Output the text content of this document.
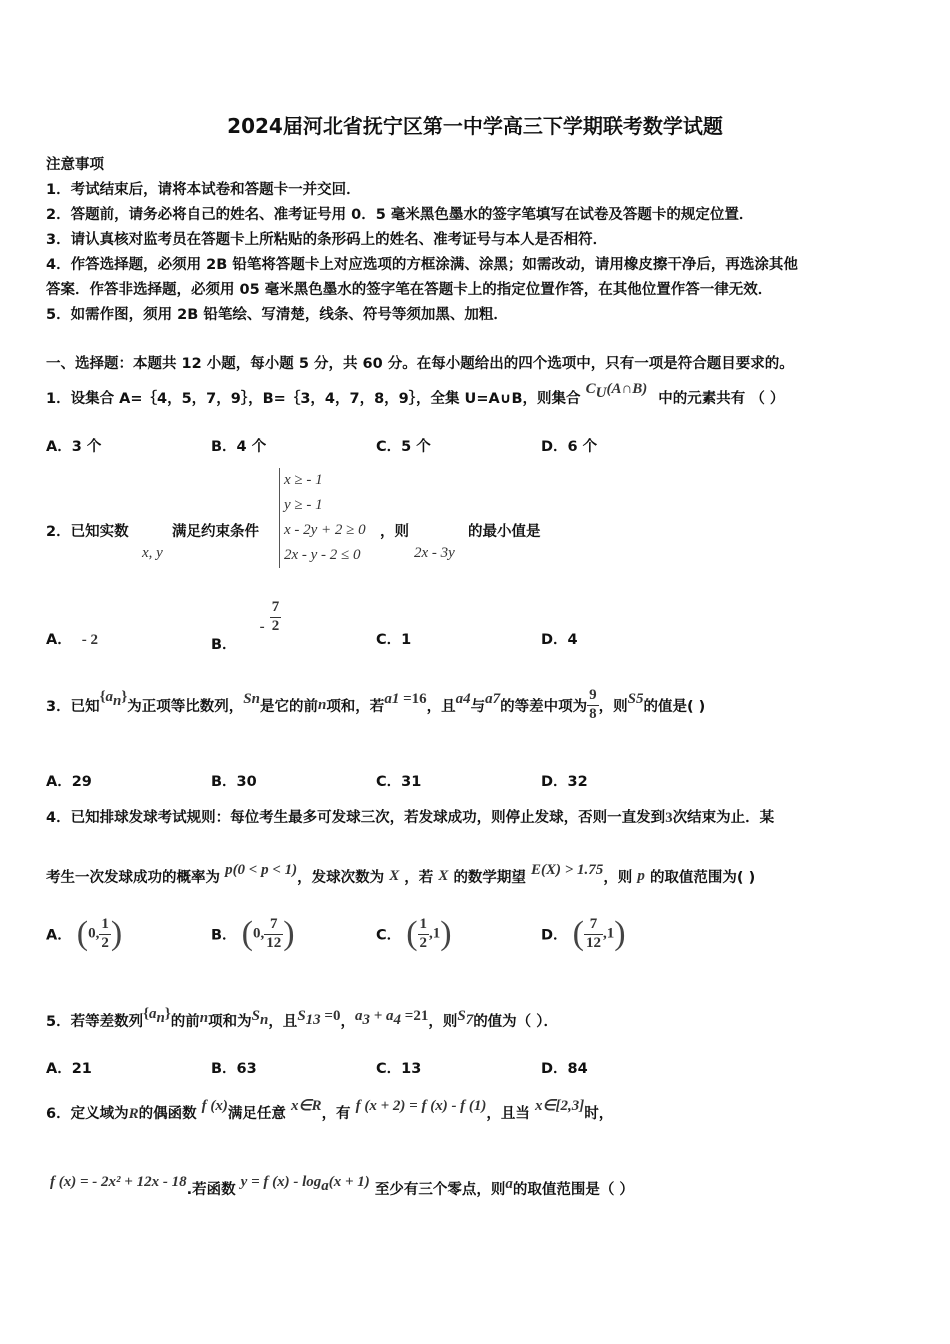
2024届河北省抚宁区第一中学高三下学期联考数学试题
注意事项
1．考试结束后，请将本试卷和答题卡一并交回．
2．答题前，请务必将自己的姓名、准考证号用 0．5 毫米黑色墨水的签字笔填写在试卷及答题卡的规定位置．
3．请认真核对监考员在答题卡上所粘贴的条形码上的姓名、准考证号与本人是否相符．
4．作答选择题，必须用 2B 铅笔将答题卡上对应选项的方框涂满、涂黑；如需改动，请用橡皮擦干净后，再选涂其他
答案．作答非选择题，必须用 05 毫米黑色墨水的签字笔在答题卡上的指定位置作答，在其他位置作答一律无效．
5．如需作图，须用 2B 铅笔绘、写清楚，线条、符号等须加黑、加粗．
一、选择题：本题共 12 小题，每小题 5 分，共 60 分。在每小题给出的四个选项中，只有一项是符合题目要求的。
1．设集合 A=｛4，5，7，9｝，B=｛3，4，7，8，9｝，全集 U=A∪B，则集合 $C_U(A\cap B)$ 中的元素共有 （ ）
A．3 个	B．4 个	C．5 个	D．6 个
2．已知实数
x, y
满足约束条件
x ≥ - 1
y ≥ - 1
x - 2y + 2 ≥ 0
2x - y - 2 ≤ 0
，则
2x - 3y
的最小值是
A． - 2	B． - $\frac{7}{2}$
C．1	D．4
3．已知$\{a_n\}$为正项等比数列，$S_n$是它的前n项和，若$a_1 =16$，且$a_4$与$a_7$的等差中项为 $\frac{9}{8}$ ，则$S_5$的值是( )
A．29	B．30	C．31	D．32
4．已知排球发球考试规则：每位考生最多可发球三次，若发球成功，则停止发球，否则一直发到3次结束为止．某
考生一次发球成功的概率为 p(0 < p < 1)，发球次数为 X ，若 X 的数学期望 E(X) > 1.75，则 p 的取值范围为( )
A． (0, $\frac{1}{2}$ )	B． (0, $\frac{7}{12}$ )	C． ( $\frac{1}{2} ,1$)	D． ( $\frac{7}{12} ,1$)
5．若等差数列$\{a_n\}$的前n项和为$S_n$，且$S_{13} =0$，$a_3 + a_4 =21$，则$S_7$的值为（ ）．
A．21	B．63	C．13	D．84
6．定义域为R的偶函数 f (x)满足任意 x∈R，有 f (x + 2) = f (x) - f (1)，且当 x∈[2,3]时，
f (x) = - 2x² + 12x - 18.若函数 y = f $(x) - \log_a(x + 1)$ 至少有三个零点，则a的取值范围是（ ）
